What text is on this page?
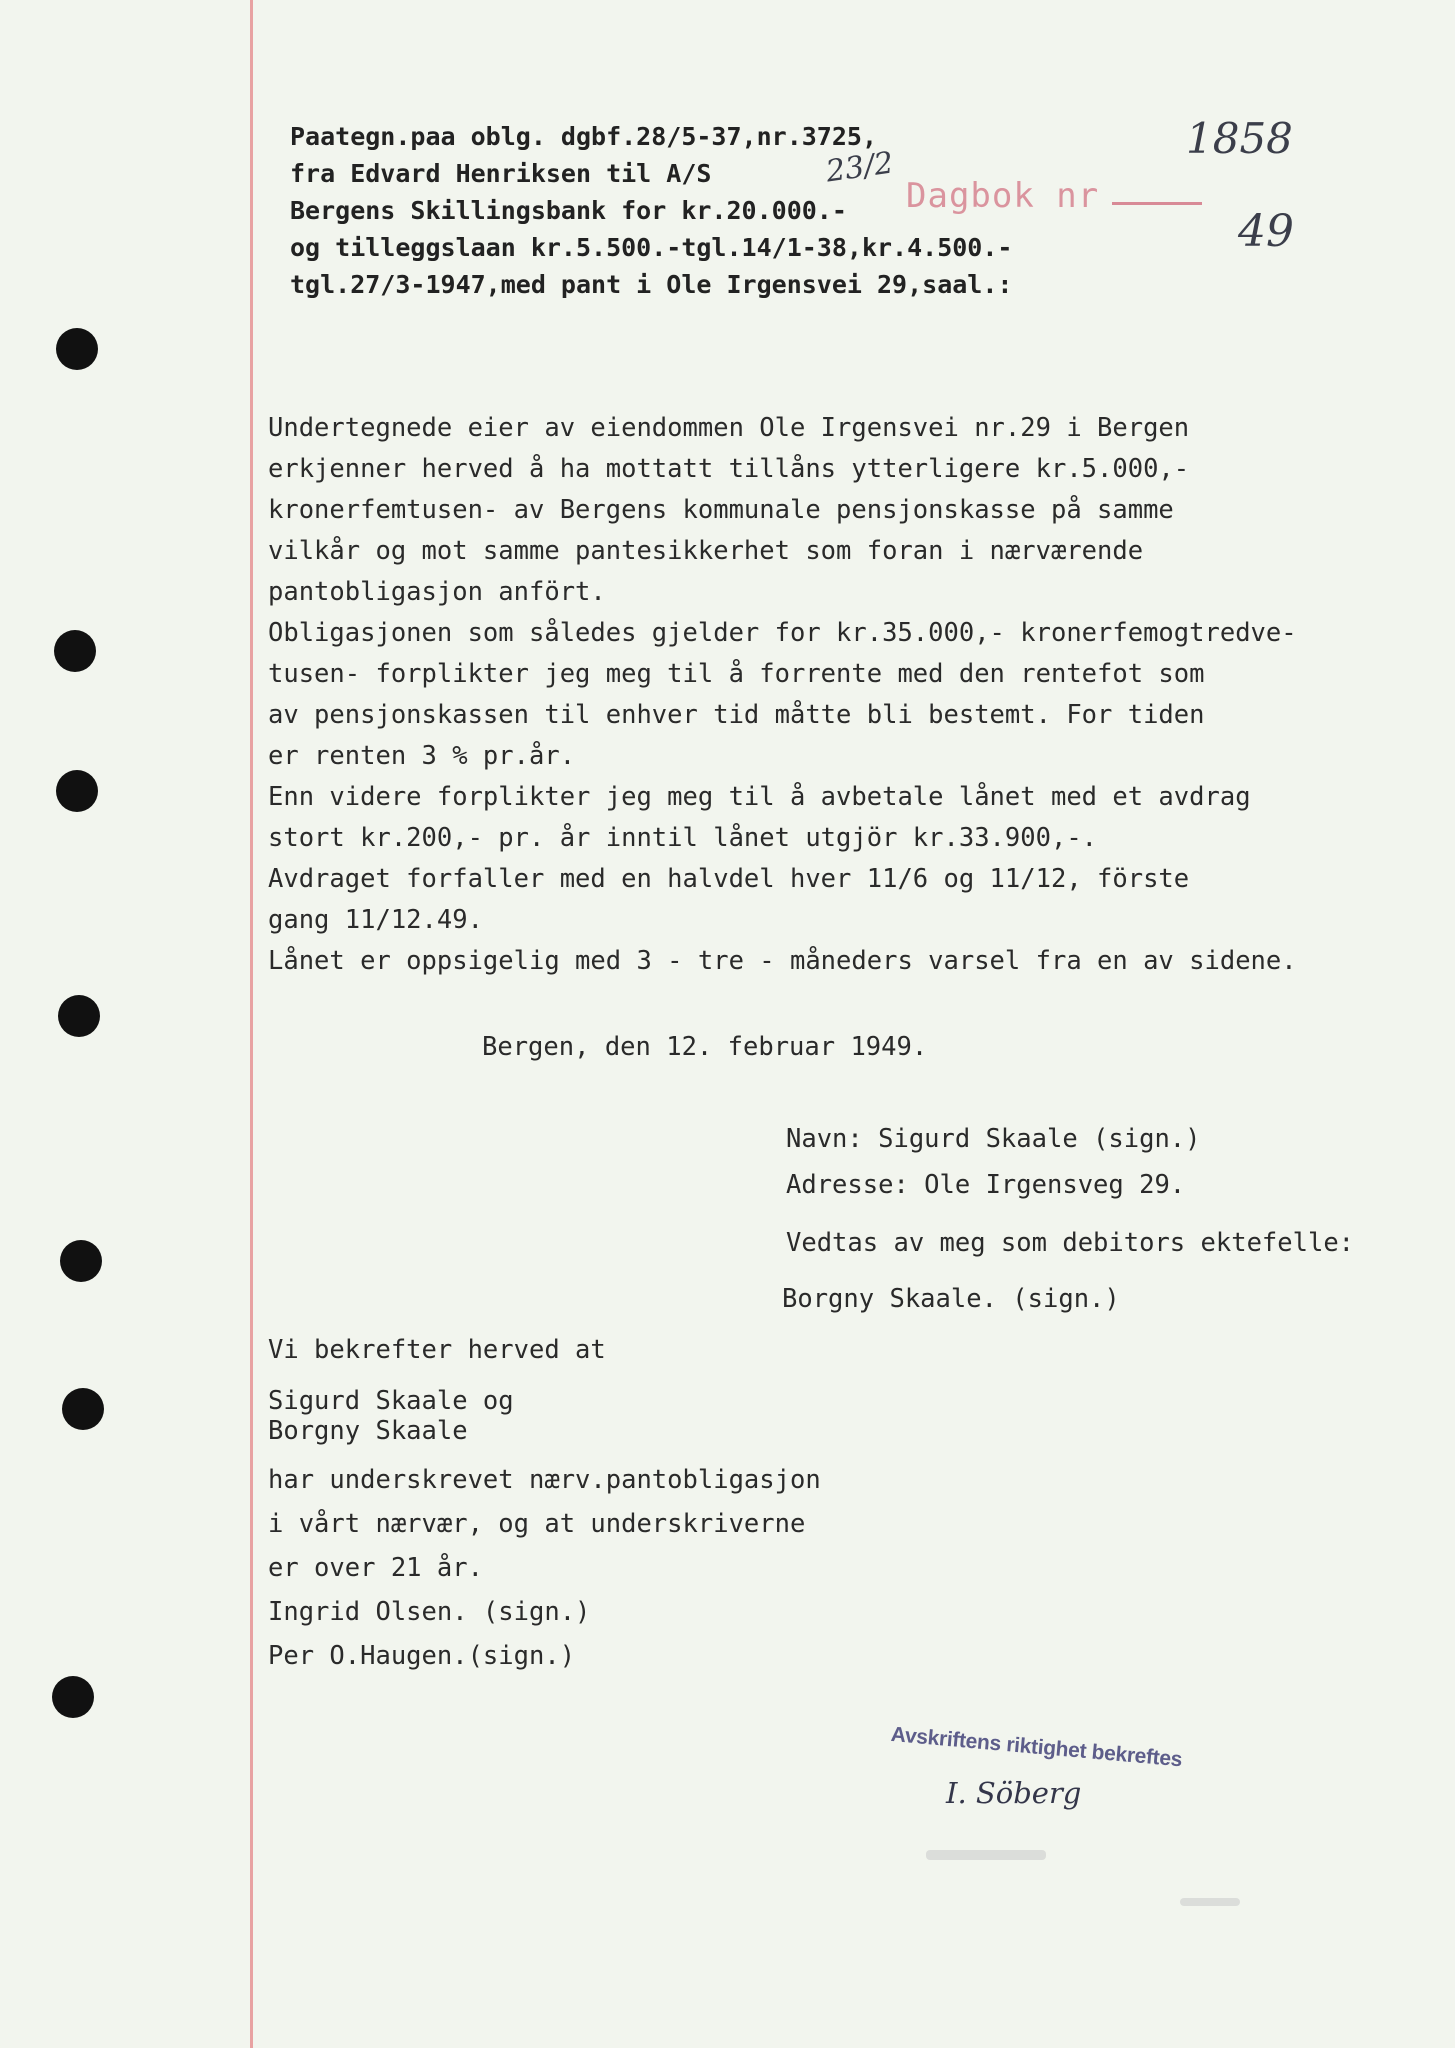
Paategn.paa oblg. dgbf.28/5-37,nr.3725,
fra Edvard Henriksen til A/S
Bergens Skillingsbank for kr.20.000.-
og tilleggslaan kr.5.500.-tgl.14/1-38,kr.4.500.-
tgl.27/3-1947,med pant i Ole Irgensvei 29,saal.:
Dagbok nr
23/2
1858
49
Undertegnede eier av eiendommen Ole Irgensvei nr.29 i Bergen
erkjenner herved å ha mottatt tillåns ytterligere kr.5.000,-
kronerfemtusen- av Bergens kommunale pensjonskasse på samme
vilkår og mot samme pantesikkerhet som foran i nærværende
pantobligasjon anfört.
Obligasjonen som således gjelder for kr.35.000,- kronerfemogtredve-
tusen- forplikter jeg meg til å forrente med den rentefot som
av pensjonskassen til enhver tid måtte bli bestemt. For tiden
er renten 3 % pr.år.
Enn videre forplikter jeg meg til å avbetale lånet med et avdrag
stort kr.200,- pr. år inntil lånet utgjör kr.33.900,-.
Avdraget forfaller med en halvdel hver 11/6 og 11/12, förste
gang 11/12.49.
Lånet er oppsigelig med 3 - tre - måneders varsel fra en av sidene.
Bergen, den 12. februar 1949.
Navn: Sigurd Skaale (sign.)
Adresse: Ole Irgensveg 29.
Vedtas av meg som debitors ektefelle:
Borgny Skaale. (sign.)
Vi bekrefter herved at
Sigurd Skaale og
Borgny Skaale
har underskrevet nærv.pantobligasjon
i vårt nærvær, og at underskriverne
er over 21 år.
Ingrid Olsen. (sign.)
Per O.Haugen.(sign.)
Avskriftens riktighet bekreftes
I. Söberg
